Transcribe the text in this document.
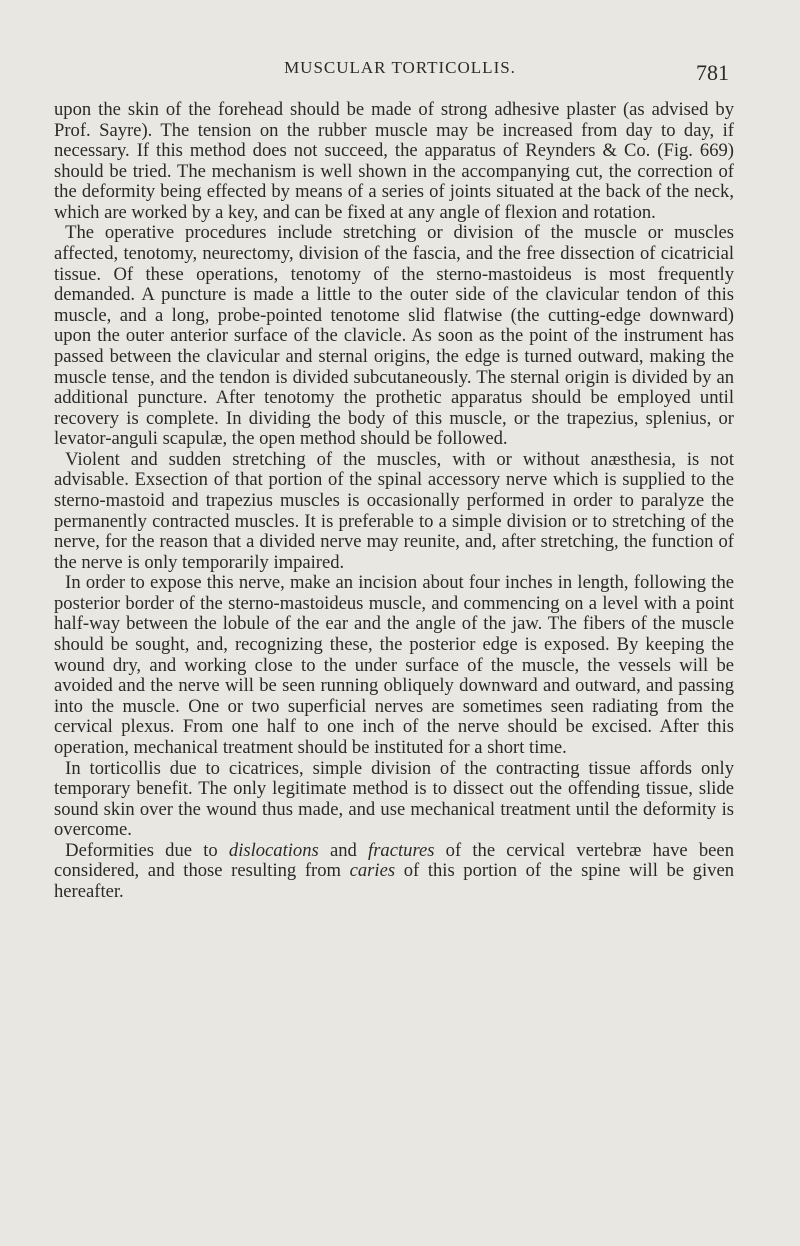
MUSCULAR TORTICOLLIS.	781

upon the skin of the forehead should be made of strong adhesive plaster (as advised by Prof. Sayre). The tension on the rubber muscle may be increased from day to day, if necessary. If this method does not succeed, the apparatus of Reynders & Co. (Fig. 669) should be tried. The mechanism is well shown in the accompanying cut, the correction of the deformity being effected by means of a series of joints situated at the back of the neck, which are worked by a key, and can be fixed at any angle of flexion and rotation.

The operative procedures include stretching or division of the muscle or muscles affected, tenotomy, neurectomy, division of the fascia, and the free dissection of cicatricial tissue. Of these operations, tenotomy of the sterno-mastoideus is most frequently demanded. A puncture is made a little to the outer side of the clavicular tendon of this muscle, and a long, probe-pointed tenotome slid flatwise (the cutting-edge downward) upon the outer anterior surface of the clavicle. As soon as the point of the instrument has passed between the clavicular and sternal origins, the edge is turned outward, making the muscle tense, and the tendon is divided subcutaneously. The sternal origin is divided by an additional puncture. After tenotomy the prothetic apparatus should be employed until recovery is complete. In dividing the body of this muscle, or the trapezius, splenius, or levator-anguli scapulæ, the open method should be followed.

Violent and sudden stretching of the muscles, with or without anæsthesia, is not advisable. Exsection of that portion of the spinal accessory nerve which is supplied to the sterno-mastoid and trapezius muscles is occasionally performed in order to paralyze the permanently contracted muscles. It is preferable to a simple division or to stretching of the nerve, for the reason that a divided nerve may reunite, and, after stretching, the function of the nerve is only temporarily impaired.

In order to expose this nerve, make an incision about four inches in length, following the posterior border of the sterno-mastoideus muscle, and commencing on a level with a point half-way between the lobule of the ear and the angle of the jaw. The fibers of the muscle should be sought, and, recognizing these, the posterior edge is exposed. By keeping the wound dry, and working close to the under surface of the muscle, the vessels will be avoided and the nerve will be seen running obliquely downward and outward, and passing into the muscle. One or two superficial nerves are sometimes seen radiating from the cervical plexus. From one half to one inch of the nerve should be excised. After this operation, mechanical treatment should be instituted for a short time.

In torticollis due to cicatrices, simple division of the contracting tissue affords only temporary benefit. The only legitimate method is to dissect out the offending tissue, slide sound skin over the wound thus made, and use mechanical treatment until the deformity is overcome.

Deformities due to dislocations and fractures of the cervical vertebræ have been considered, and those resulting from caries of this portion of the spine will be given hereafter.
